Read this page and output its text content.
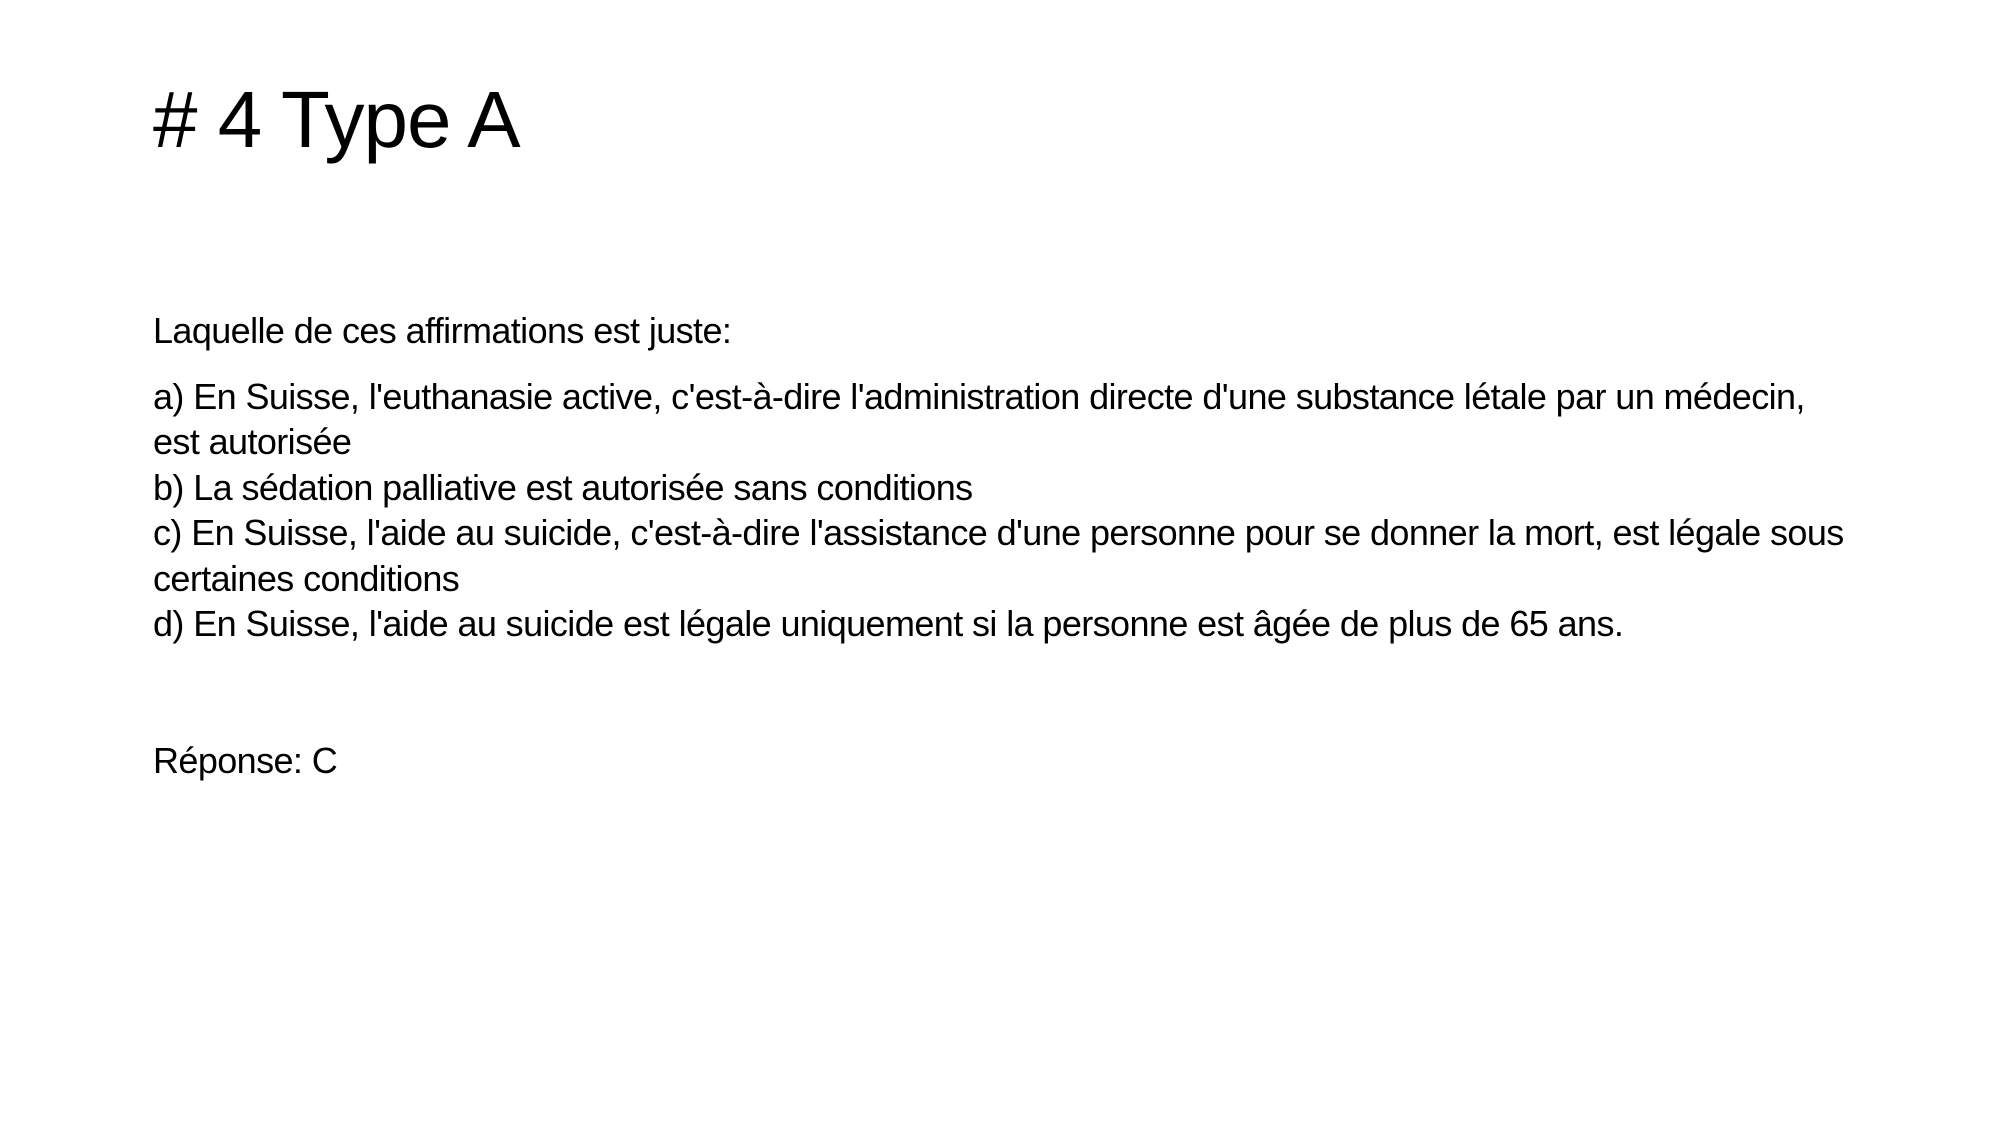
# 4 Type A

Laquelle de ces affirmations est juste:

a) En Suisse, l'euthanasie active, c'est-à-dire l'administration directe d'une substance létale par un médecin, est autorisée
b) La sédation palliative est autorisée sans conditions
c) En Suisse, l'aide au suicide, c'est-à-dire l'assistance d'une personne pour se donner la mort, est légale sous certaines conditions
d) En Suisse, l'aide au suicide est légale uniquement si la personne est âgée de plus de 65 ans.

Réponse: C
